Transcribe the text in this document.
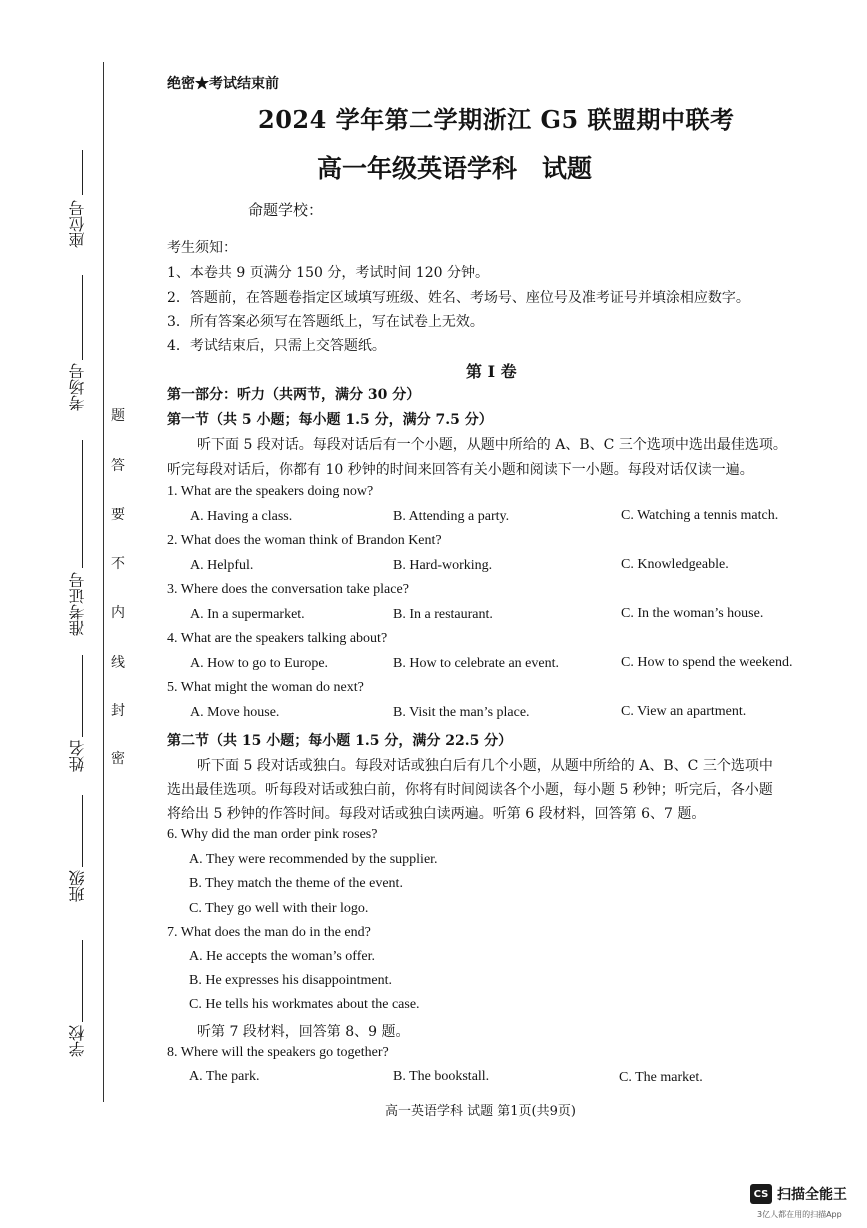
座位号
考场号
准考证号
姓名
班级
学校
题
答
要
不
内
线
封
密
绝密★考试结束前
2024 学年第二学期浙江 G5 联盟期中联考
高一年级英语学科　试题
命题学校：
考生须知：
1、本卷共 9 页满分 150 分，考试时间 120 分钟。
2．答题前，在答题卷指定区域填写班级、姓名、考场号、座位号及准考证号并填涂相应数字。
3．所有答案必须写在答题纸上，写在试卷上无效。
4．考试结束后，只需上交答题纸。
第 I 卷
第一部分：听力（共两节，满分 30 分）
第一节（共 5 小题；每小题 1.5 分，满分 7.5 分）
听下面 5 段对话。每段对话后有一个小题，从题中所给的 A、B、C 三个选项中选出最佳选项。
听完每段对话后，你都有 10 秒钟的时间来回答有关小题和阅读下一小题。每段对话仅读一遍。
1. What are the speakers doing now?
A. Having a class.	B. Attending a party.	C. Watching a tennis match.
2. What does the woman think of Brandon Kent?
A. Helpful.	B. Hard-working.	C. Knowledgeable.
3. Where does the conversation take place?
A. In a supermarket.	B. In a restaurant.	C. In the woman’s house.
4. What are the speakers talking about?
A. How to go to Europe.	B. How to celebrate an event.	C. How to spend the weekend.
5. What might the woman do next?
A. Move house.	B. Visit the man’s place.	C. View an apartment.
第二节（共 15 小题；每小题 1.5 分，满分 22.5 分）
听下面 5 段对话或独白。每段对话或独白后有几个小题，从题中所给的 A、B、C 三个选项中
选出最佳选项。听每段对话或独白前，你将有时间阅读各个小题，每小题 5 秒钟；听完后，各小题
将给出 5 秒钟的作答时间。每段对话或独白读两遍。听第 6 段材料，回答第 6、7 题。
6. Why did the man order pink roses?
A. They were recommended by the supplier.
B. They match the theme of the event.
C. They go well with their logo.
7. What does the man do in the end?
A. He accepts the woman’s offer.
B. He expresses his disappointment.
C. He tells his workmates about the case.
听第 7 段材料，回答第 8、9 题。
8. Where will the speakers go together?
A. The park.	B. The bookstall.	C. The market.
高一英语学科 试题 第1页(共9页)
CS 扫描全能王
3亿人都在用的扫描App
